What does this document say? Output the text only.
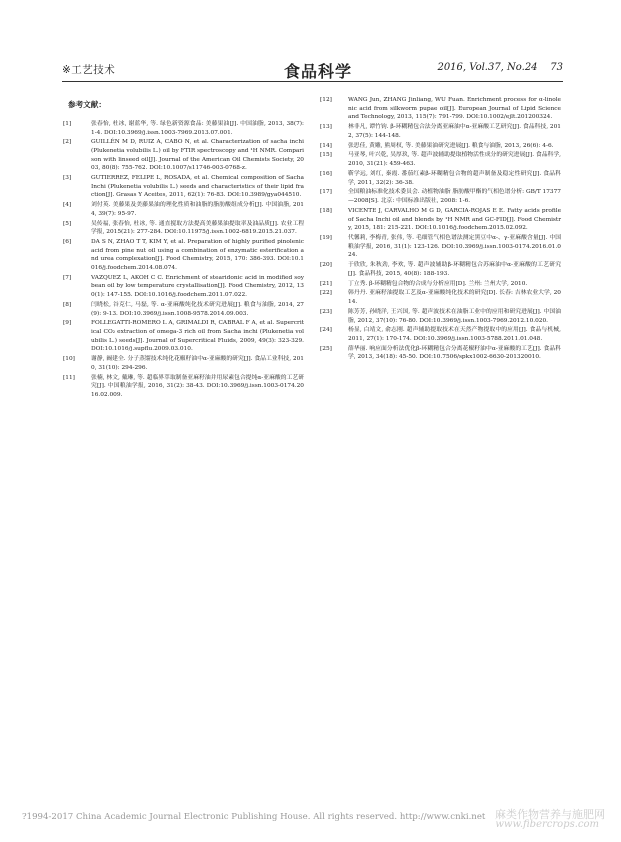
※工艺技术	食品科学	2016, Vol.37, No.24 73
参考文献：
[1]	张春怡, 杜冰, 谢蓝华, 等. 绿色新资源食品: 美藤果油[J]. 中国油脂, 2013, 38(7): 1-4. DOI:10.3969/j.issn.1003-7969.2013.07.001.
[2]	GUILLÉN M D, RUIZ A, CABO N, et al. Characterization of sacha inchi (Plukenetia volubilis L.) oil by FTIR spectroscopy and ¹H NMR. Comparison with linseed oil[J]. Journal of the American Oil Chemists Society, 2003, 80(8): 755-762. DOI:10.1007/s11746-003-0768-z.
[3]	GUTIERREZ, FELIPE L, ROSADA, et al. Chemical composition of Sacha Inchi (Plukenetia volubilis L.) seeds and characteristics of their lipid fraction[J]. Grasas Y Aceites, 2011, 62(1): 76-83. DOI:10.3989/gya044510.
[4]	刘付英. 美藤果及美藤果油的理化性质和油脂的脂肪酸组成分析[J]. 中国油脂, 2014, 39(7): 95-97.
[5]	吴传福, 张春怡, 杜冰, 等. 通直搅取方法提高美藤果油提取率及油品质[J]. 农业工程学报, 2015(21): 277-284. DOI:10.11975/j.issn.1002-6819.2015.21.037.
[6]	DA S N, ZHAO T T, KIM Y, et al. Preparation of highly purified pinolenic acid from pine nut oil using a combination of enzymatic esterification and urea complexation[J]. Food Chemistry, 2015, 170: 386-393. DOI:10.1016/j.foodchem.2014.08.074.
[7]	VAZQUEZ L, AKOH C C. Enrichment of stearidonic acid in modified soybean oil by low temperature crystallisation[J]. Food Chemistry, 2012, 130(1): 147-155. DOI:10.1016/j.foodchem.2011.07.022.
[8]	闫晓松, 谷克仁, 马磊, 等. α-亚麻酸纯化技术研究进展[J]. 粮食与油脂, 2014, 27(9): 9-13. DOI:10.3969/j.issn.1008-9578.2014.09.003.
[9]	FOLLEGATTI-ROMERO L A, GRIMALDI R, CABRAL F A, et al. Supercritical CO₂ extraction of omega-3 rich oil from Sacha inchi (Plukenetia volubilis L.) seeds[J]. Journal of Supercritical Fluids, 2009, 49(3): 323-329. DOI:10.1016/j.supflu.2009.03.010.
[10]	谢静, 阚建全. 分子蒸馏技术纯化花椒籽油中α-亚麻酸的研究[J]. 食品工业科技, 2010, 31(10): 294-296.
[11]	张楠, 林文, 戴琳, 等. 超临界萃取制备亚麻籽油并用尿素包合提纯α-亚麻酸的工艺研究[J]. 中国粮油学报, 2016, 31(2): 38-43. DOI:10.3969/j.issn.1003-0174.2016.02.009.
[12]	WANG Jun, ZHANG Jinliang, WU Fuan. Enrichment process for α-linolenic acid from silkworm pupae oil[J]. European Journal of Lipid Science and Technology, 2013, 115(7): 791-799. DOI:10.1002/ejlt.201200324.
[13]	林非凡, 谭竹钧. β-环糊精包合法分离亚麻油中α-亚麻酸工艺研究[J]. 食品科技, 2012, 37(5): 144-148.
[14]	张思佳, 黄雕, 熊周权, 等. 美藤果油研究进展[J]. 粮食与油脂, 2013, 26(6): 4-6.
[15]	马亚琴, 叶兴乾, 吴厚玖, 等. 超声波辅助提取植物活性成分的研究进展[J]. 食品科学, 2010, 31(21): 459-463.
[16]	靳学远, 刘红, 秦霞. 番茄红素β-环糊精包合物的超声制备及稳定性研究[J]. 食品科学, 2011, 32(2): 36-38.
[17]	全国粮油标准化技术委员会. 动植物油脂 脂肪酸甲酯的气相色谱分析: GB/T 17377—2008[S]. 北京: 中国标准出版社, 2008: 1-6.
[18]	VICENTE J, CARVALHO M G D, GARCIA-ROJAS E E. Fatty acids profile of Sacha Inchi oil and blends by ¹H NMR and GC-FID[J]. Food Chemistry, 2015, 181: 215-221. DOI:10.1016/j.foodchem.2015.02.092.
[19]	代馨莉, 李梅青, 张伟, 等. 毛细管气相色谱法测定黑豆中α-、γ-亚麻酸含量[J]. 中国粮油学报, 2016, 31(1): 123-126. DOI:10.3969/j.issn.1003-0174.2016.01.024.
[20]	于欣欣, 朱秋劲, 李欢, 等. 超声波辅助β-环糊精包合苏麻油中α-亚麻酸的工艺研究[J]. 食品科技, 2015, 40(8): 188-193.
[21]	丁立秀. β-环糊精包合物的合成与分析应用[D]. 兰州: 兰州大学, 2010.
[22]	韩丹丹. 亚麻籽油提取工艺及α-亚麻酸纯化技术的研究[D]. 长春: 吉林农业大学, 2014.
[23]	陈芳芳, 孙晓洋, 王兴国, 等. 超声波技术在油脂工业中的应用和研究进展[J]. 中国油脂, 2012, 37(10): 76-80. DOI:10.3969/j.issn.1003-7969.2012.10.020.
[24]	杨显, 白靖文, 俞志刚. 超声辅助提取技术在天然产物提取中的应用[J]. 食品与机械, 2011, 27(1): 170-174. DOI:10.3969/j.issn.1003-5788.2011.01.048.
[25]	薛华丽. 响应面分析法优化β-环糊精包合分离花椒籽油中α-亚麻酸的工艺[J]. 食品科学, 2013, 34(18): 45-50. DOI:10.7506/spkx1002-6630-201320010.
?1994-2017 China Academic Journal Electronic Publishing House. All rights reserved. http://www.cnki.net 麻类作物营养与施肥网
www.fibercrops.com
